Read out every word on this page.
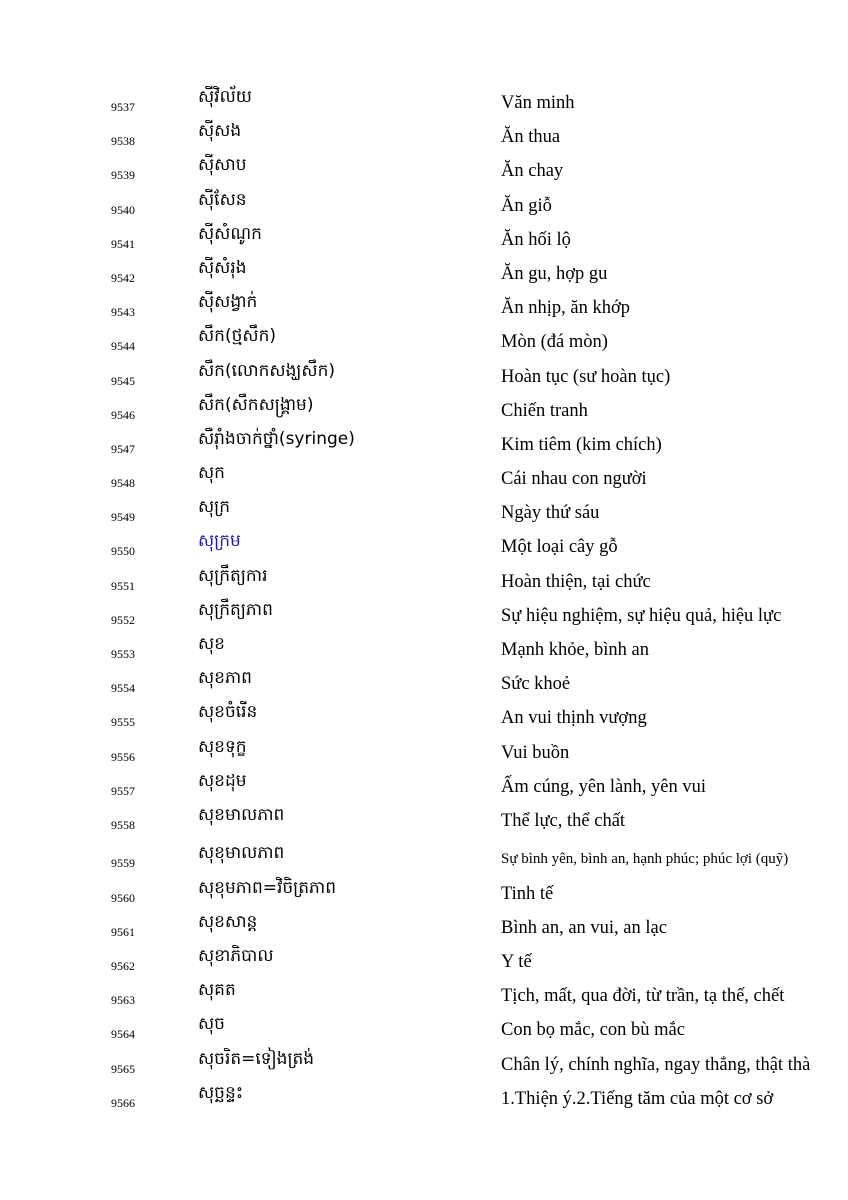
9537	ស៊ីវិល័យ	Văn minh
9538	ស៊ីសង	Ăn thua
9539	ស៊ីសាប	Ăn chay
9540	ស៊ីសែន	Ăn giỗ
9541	ស៊ីសំណូក	Ăn hối lộ
9542	ស៊ីសំរុង	Ăn gu, hợp gu
9543	ស៊ីសង្វាក់	Ăn nhịp, ăn khớp
9544	សឹក(ថ្មសឹក)	Mòn (đá mòn)
9545	សឹក(លោកសង្ឃសឹក)	Hoàn tục (sư hoàn tục)
9546	សឹក(សឹកសង្គ្រាម)	Chiến tranh
9547	សឺរ៉ាំងចាក់ថ្នាំ(syringe)	Kim tiêm (kim chích)
9548	សុក	Cái nhau con người
9549	សុក្រ	Ngày thứ sáu
9550	សុក្រម	Một loại cây gỗ
9551	សុក្រឹត្យការ	Hoàn thiện, tại chức
9552	សុក្រឹត្យភាព	Sự hiệu nghiệm, sự hiệu quả, hiệu lực
9553	សុខ	Mạnh khỏe, bình an
9554	សុខភាព	Sức khoẻ
9555	សុខចំរើន	An vui thịnh vượng
9556	សុខទុក្ខ	Vui buồn
9557	សុខដុម	Ấm cúng, yên lành, yên vui
9558	សុខមាលភាព	Thể lực, thể chất
9559	សុខុមាលភាព	Sự bình yên, bình an, hạnh phúc; phúc lợi (quỹ)
9560	សុខុមភាព=វិចិត្រភាព	Tinh tế
9561	សុខសាន្ត	Bình an, an vui, an lạc
9562	សុខាភិបាល	Y tế
9563	សុគត	Tịch, mất, qua đời, từ trần, tạ thế, chết
9564	សុច	Con bọ mắc, con bù mắc
9565	សុចរិត=ទៀងត្រង់	Chân lý, chính nghĩa, ngay thẳng, thật thà
9566	សុច្ឆន្ទះ	1.Thiện ý.2.Tiếng tăm của một cơ sở
